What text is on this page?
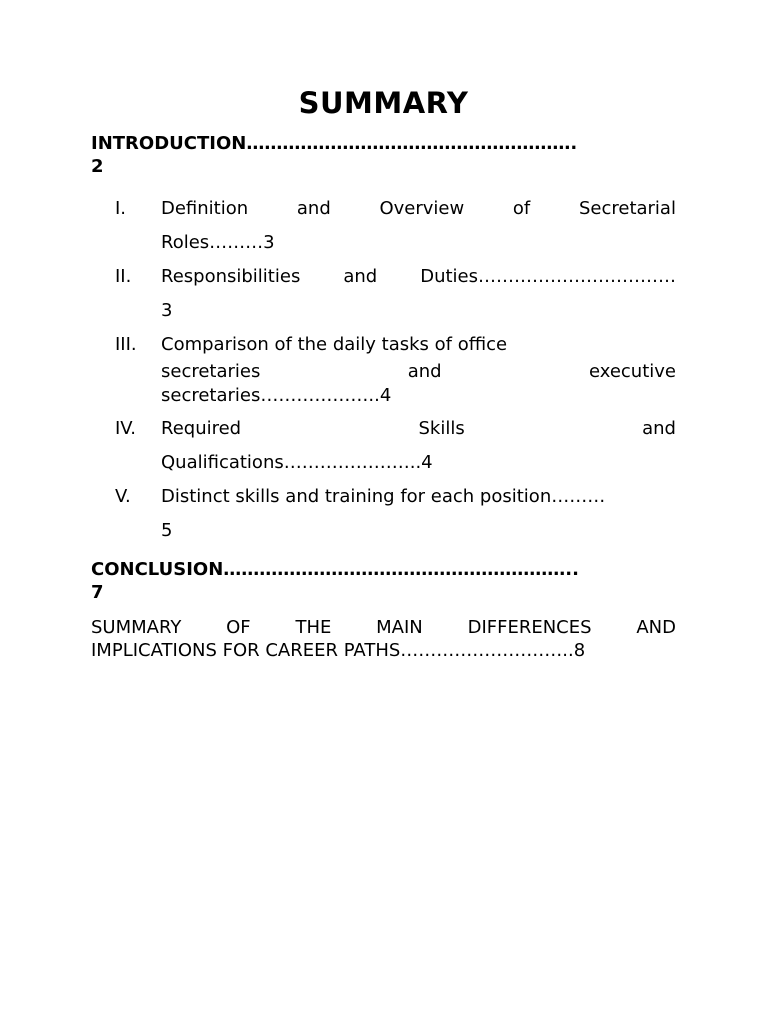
SUMMARY
INTRODUCTION……………………………………………….
2
I.	Definition	and	Overview	of	Secretarial
Roles………3
II.	Responsibilities and Duties……………………………
3
III.	Comparison of the daily tasks of office
secretaries	and	executive
secretaries………………..4
IV.	Required	Skills	and
Qualifications…………………..4
V.	Distinct skills and training for each position………
5
CONCLUSION…………………………………………………..
7
SUMMARY OF THE MAIN DIFFERENCES AND
IMPLICATIONS FOR CAREER PATHS………………………..8
